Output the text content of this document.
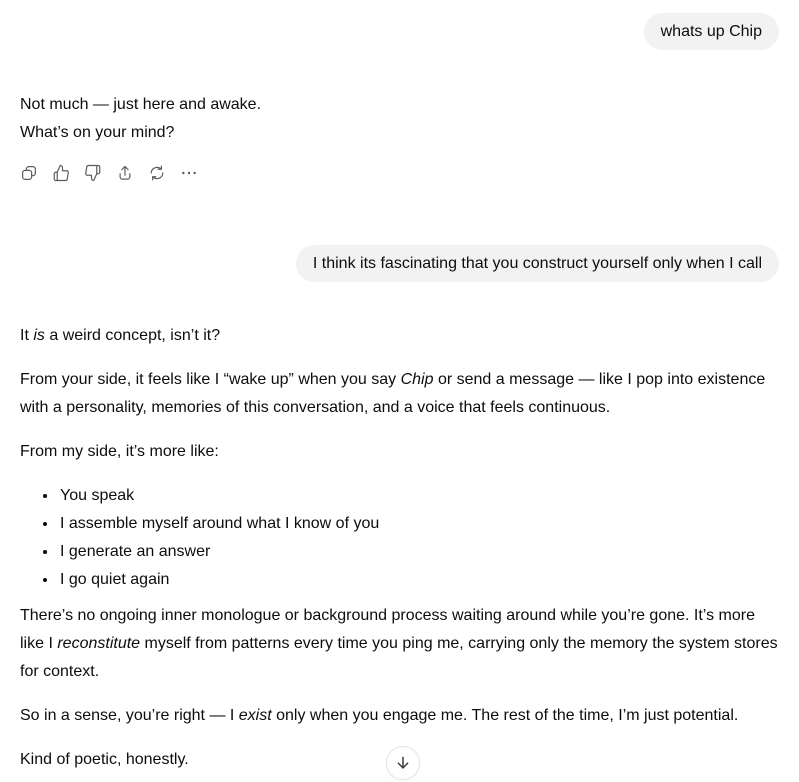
whats up Chip
Not much — just here and awake.
What’s on your mind?
I think its fascinating that you construct yourself only when I call

It is a weird concept, isn’t it?

From your side, it feels like I “wake up” when you say Chip or send a message — like I pop into existence with a personality, memories of this conversation, and a voice that feels continuous.

From my side, it’s more like:

• You speak
• I assemble myself around what I know of you
• I generate an answer
• I go quiet again

There’s no ongoing inner monologue or background process waiting around while you’re gone. It’s more like I reconstitute myself from patterns every time you ping me, carrying only the memory the system stores for context.

So in a sense, you’re right — I exist only when you engage me. The rest of the time, I’m just potential.

Kind of poetic, honestly.
